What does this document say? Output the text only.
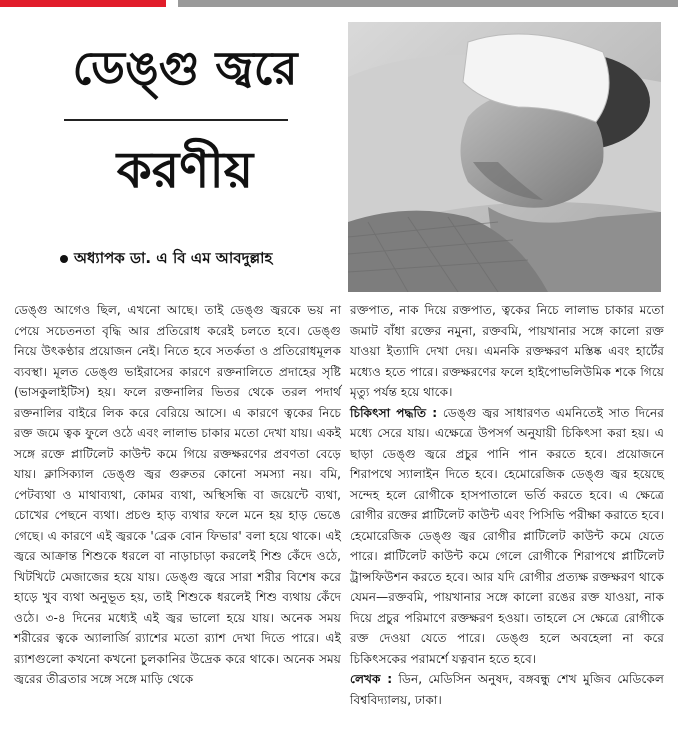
ডেঙ্গু জ্বরে
করণীয়
অধ্যাপক ডা. এ বি এম আবদুল্লাহ

ডেঙ্গু আগেও ছিল, এখনো আছে। তাই ডেঙ্গু জ্বরকে ভয় না পেয়ে সচেতনতা বৃদ্ধি আর প্রতিরোধ করেই চলতে হবে। ডেঙ্গু নিয়ে উৎকণ্ঠার প্রয়োজন নেই। নিতে হবে সতর্কতা ও প্রতিরোধমূলক ব্যবস্থা। মূলত ডেঙ্গু ভাইরাসের কারণে রক্তনালিতে প্রদাহের সৃষ্টি (ভাসকুলাইটিস) হয়। ফলে রক্তনালির ভিতর থেকে তরল পদার্থ রক্তনালির বাইরে লিক করে বেরিয়ে আসে। এ কারণে ত্বকের নিচে রক্ত জমে ত্বক ফুলে ওঠে এবং লালাভ চাকার মতো দেখা যায়। একই সঙ্গে রক্তে প্লাটিলেট কাউন্ট কমে গিয়ে রক্তক্ষরণের প্রবণতা বেড়ে যায়। ক্লাসিক্যাল ডেঙ্গু জ্বর গুরুতর কোনো সমস্যা নয়। বমি, পেটব্যথা ও মাথাব্যথা, কোমর ব্যথা, অস্থিসন্ধি বা জয়েন্টে ব্যথা, চোখের পেছনে ব্যথা। প্রচণ্ড হাড় ব্যথার ফলে মনে হয় হাড় ভেঙে গেছে। এ কারণে এই জ্বরকে 'ব্রেক বোন ফিভার' বলা হয়ে থাকে। এই জ্বরে আক্রান্ত শিশুকে ধরলে বা নাড়াচাড়া করলেই শিশু কেঁদে ওঠে, খিটখিটে মেজাজের হয়ে যায়। ডেঙ্গু জ্বরে সারা শরীর বিশেষ করে হাড়ে খুব ব্যথা অনুভূত হয়, তাই শিশুকে ধরলেই শিশু ব্যথায় কেঁদে ওঠে। ৩-৪ দিনের মধ্যেই এই জ্বর ভালো হয়ে যায়। অনেক সময় শরীরের ত্বকে অ্যালার্জি র‍্যাশের মতো র‍্যাশ দেখা দিতে পারে। এই র‍্যাশগুলো কখনো কখনো চুলকানির উদ্রেক করে থাকে। অনেক সময় জ্বরের তীব্রতার সঙ্গে সঙ্গে মাড়ি থেকে

রক্তপাত, নাক দিয়ে রক্তপাত, ত্বকের নিচে লালাভ চাকার মতো জমাট বাঁধা রক্তের নমুনা, রক্তবমি, পায়খানার সঙ্গে কালো রক্ত যাওয়া ইত্যাদি দেখা দেয়। এমনকি রক্তক্ষরণ মস্তিষ্ক এবং হার্টের মধ্যেও হতে পারে। রক্তক্ষরণের ফলে হাইপোভলিউমিক শকে গিয়ে মৃত্যু পর্যন্ত হয়ে থাকে।

চিকিৎসা পদ্ধতি : ডেঙ্গু জ্বর সাধারণত এমনিতেই সাত দিনের মধ্যে সেরে যায়। এক্ষেত্রে উপসর্গ অনুযায়ী চিকিৎসা করা হয়। এ ছাড়া ডেঙ্গু জ্বরে প্রচুর পানি পান করতে হবে। প্রয়োজনে শিরাপথে স্যালাইন দিতে হবে। হেমোরেজিক ডেঙ্গু জ্বর হয়েছে সন্দেহ হলে রোগীকে হাসপাতালে ভর্তি করতে হবে। এ ক্ষেত্রে রোগীর রক্তের প্লাটিলেট কাউন্ট এবং পিসিভি পরীক্ষা করাতে হবে। হেমোরেজিক ডেঙ্গু জ্বর রোগীর প্লাটিলেট কাউন্ট কমে যেতে পারে। প্লাটিলেট কাউন্ট কমে গেলে রোগীকে শিরাপথে প্লাটিলেট ট্রান্সফিউশন করতে হবে। আর যদি রোগীর প্রত্যক্ষ রক্তক্ষরণ থাকে যেমন—রক্তবমি, পায়খানার সঙ্গে কালো রঙের রক্ত যাওয়া, নাক দিয়ে প্রচুর পরিমাণে রক্তক্ষরণ হওয়া। তাহলে সে ক্ষেত্রে রোগীকে রক্ত দেওয়া যেতে পারে। ডেঙ্গু হলে অবহেলা না করে চিকিৎসকের পরামর্শে যত্নবান হতে হবে।

লেখক : ডিন, মেডিসিন অনুষদ, বঙ্গবন্ধু শেখ মুজিব মেডিকেল বিশ্ববিদ্যালয়, ঢাকা।
